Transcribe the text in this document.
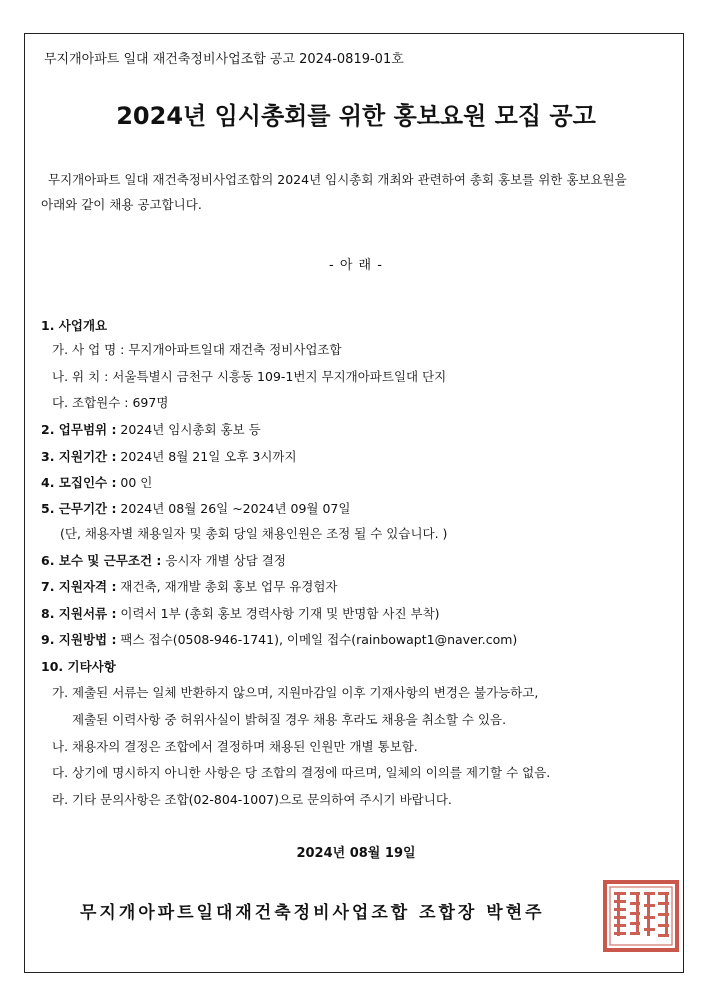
무지개아파트 일대 재건축정비사업조합 공고 2024-0819-01호
2024년 임시총회를 위한 홍보요원 모집 공고
무지개아파트 일대 재건축정비사업조합의 2024년 임시총회 개최와 관련하여 총회 홍보를 위한 홍보요원을
아래와 같이 채용 공고합니다.
- 아 래 -
1. 사업개요
가. 사 업 명 : 무지개아파트일대 재건축 정비사업조합
나. 위 치 : 서울특별시 금천구 시흥동 109-1번지 무지개아파트일대 단지
다. 조합원수 : 697명
2. 업무범위 : 2024년 임시총회 홍보 등
3. 지원기간 : 2024년 8월 21일 오후 3시까지
4. 모집인수 : 00 인
5. 근무기간 : 2024년 08월 26일 ~2024년 09월 07일
(단, 채용자별 채용일자 및 총회 당일 채용인원은 조정 될 수 있습니다. )
6. 보수 및 근무조건 : 응시자 개별 상담 결정
7. 지원자격 : 재건축, 재개발 총회 홍보 업무 유경험자
8. 지원서류 : 이력서 1부 (총회 홍보 경력사항 기재 및 반명함 사진 부착)
9. 지원방법 : 팩스 접수(0508-946-1741), 이메일 접수(rainbowapt1@naver.com)
10. 기타사항
가. 제출된 서류는 일체 반환하지 않으며, 지원마감일 이후 기재사항의 변경은 불가능하고,
제출된 이력사항 중 허위사실이 밝혀질 경우 채용 후라도 채용을 취소할 수 있음.
나. 채용자의 결정은 조합에서 결정하며 채용된 인원만 개별 통보함.
다. 상기에 명시하지 아니한 사항은 당 조합의 결정에 따르며, 일체의 이의를 제기할 수 없음.
라. 기타 문의사항은 조합(02-804-1007)으로 문의하여 주시기 바랍니다.
2024년 08월 19일
무지개아파트일대재건축정비사업조합 조합장 박현주
